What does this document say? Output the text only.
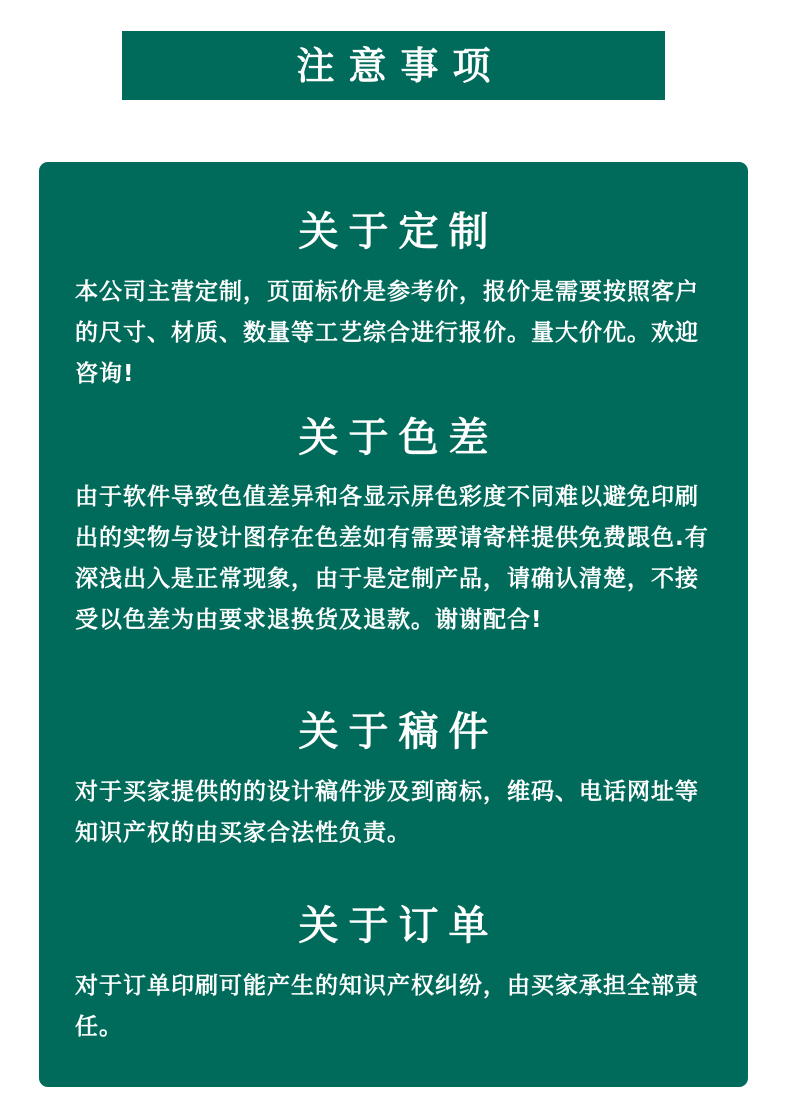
注意事项
关于定制

本公司主营定制，页面标价是参考价，报价是需要按照客户的尺寸、材质、数量等工艺综合进行报价。量大价优。欢迎咨询!

关于色差

由于软件导致色值差异和各显示屏色彩度不同难以避免印刷出的实物与设计图存在色差如有需要请寄样提供免费跟色.有深浅出入是正常现象，由于是定制产品，请确认清楚，不接受以色差为由要求退换货及退款。谢谢配合!

关于稿件

对于买家提供的的设计稿件涉及到商标，维码、电话网址等知识产权的由买家合法性负责。

关于订单

对于订单印刷可能产生的知识产权纠纷，由买家承担全部责任。
